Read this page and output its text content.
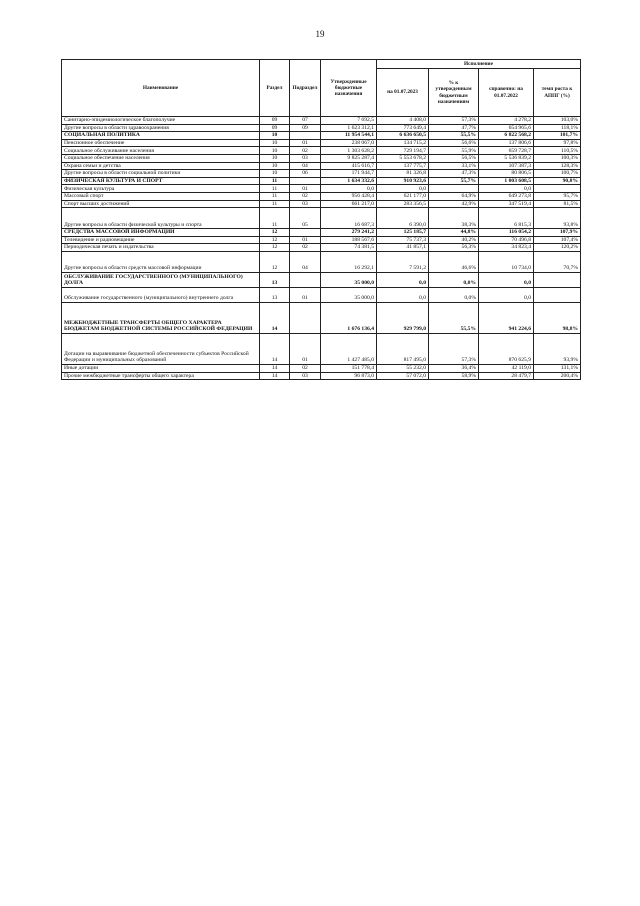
19
Наименование	Раздел	Подраздел	Утвержденные бюджетные назначения	Исполнение			
				на 01.07.2023	% к утвержденным бюджетным назначениям	справочно: на 01.07.2022	темп роста к АППГ (%)
Санитарно-эпидемиологическое благополучие	09	07	7 692,5	4 408,0	57,3%	4 278,2	103,0%
Другие вопросы в области здравоохранения	09	09	1 623 312,1	773 649,4	47,7%	654 965,6	118,1%
СОЦИАЛЬНАЯ ПОЛИТИКА	10		11 954 544,1	6 636 650,5	55,5%	6 822 568,2	101,7%
Пенсионное обеспечение	10	01	238 067,0	134 715,2	56,6%	137 806,6	97,8%
Социальное обслуживание населения	10	02	1 303 628,2	729 194,7	55,9%	659 728,7	110,5%
Социальное обеспечение населения	10	03	9 825 287,4	5 553 678,2	56,5%	5 536 839,2	100,3%
Охрана семьи и детства	10	04	415 616,7	137 775,7	33,1%	107 387,3	128,3%
Другие вопросы в области социальной политики	10	06	171 944,7	81 326,8	47,3%	80 806,5	100,7%
ФИЗИЧЕСКАЯ КУЛЬТУРА И СПОРТ	11		1 634 332,6	910 923,6	55,7%	1 003 608,5	90,8%
Физическая культура	11	01	0,0	0,0		0,0	
Массовый спорт	11	02	956 428,4	621 177,0	64,9%	649 273,8	95,7%
Спорт высших достижений	11	03	661 217,0	283 356,5	42,9%	347 519,4	81,5%
Другие вопросы в области физической культуры и спорта	11	05	16 687,3	6 390,0	38,3%	6 815,3	93,8%
СРЕДСТВА МАССОВОЙ ИНФОРМАЦИИ	12		279 241,2	125 185,7	44,8%	116 054,2	107,9%
Телевидение и радиовещание	12	01	188 567,6	75 737,3	40,2%	70 496,8	107,4%
Периодическая печать и издательства	12	02	74 381,5	41 857,1	56,3%	34 823,4	120,2%
Другие вопросы в области средств массовой информации	12	04	16 292,1	7 591,2	46,6%	10 734,0	70,7%
ОБСЛУЖИВАНИЕ ГОСУДАРСТВЕННОГО (МУНИЦИПАЛЬНОГО) ДОЛГА	13		35 000,0	0,0	0,0%	0,0	
Обслуживание государственного (муниципального) внутреннего долга	13	01	35 000,0	0,0	0,0%	0,0	
МЕЖБЮДЖЕТНЫЕ ТРАНСФЕРТЫ ОБЩЕГО ХАРАКТЕРА БЮДЖЕТАМ БЮДЖЕТНОЙ СИСТЕМЫ РОССИЙСКОЙ ФЕДЕРАЦИИ	14		1 676 136,4	929 799,0	55,5%	941 224,6	98,8%
Дотации на выравнивание бюджетной обеспеченности субъектов Российской Федерации и муниципальных образований	14	01	1 427 485,0	817 495,0	57,3%	870 625,9	93,9%
Иные дотации	14	02	151 778,4	55 232,0	36,4%	42 119,0	131,1%
Прочие межбюджетные трансферты общего характера	14	03	96 873,0	57 072,0	58,9%	28 479,7	200,4%
